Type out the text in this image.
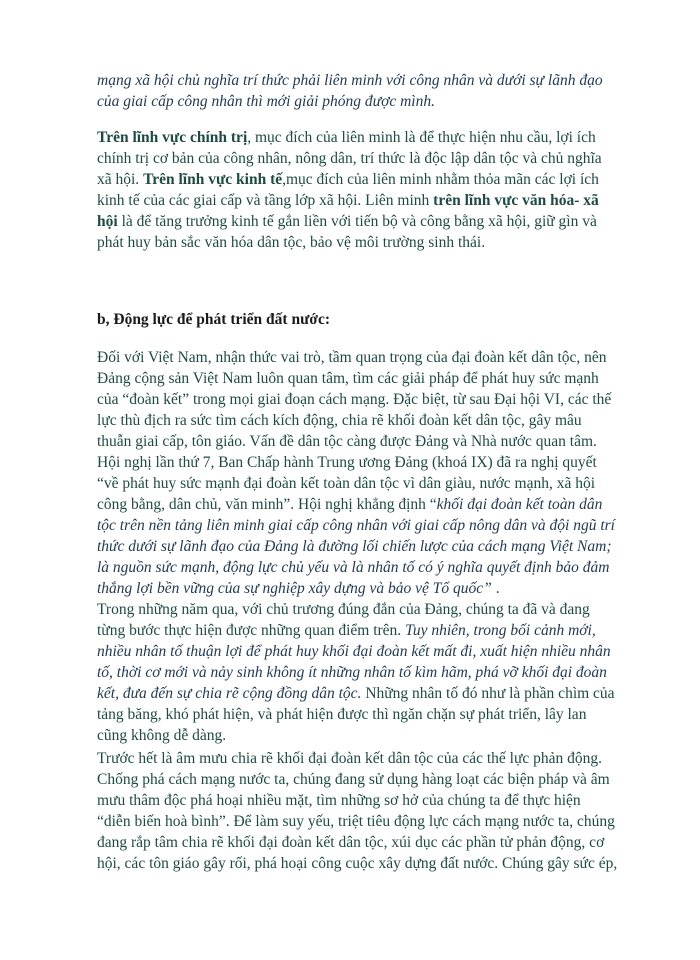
mạng xã hội chủ nghĩa trí thức phải liên minh với công nhân và dưới sự lãnh đạo
của giai cấp công nhân thì mới giải phóng được mình.
Trên lĩnh vực chính trị, mục đích của liên minh là để thực hiện nhu cầu, lợi ích
chính trị cơ bản của công nhân, nông dân, trí thức là độc lập dân tộc và chủ nghĩa
xã hội. Trên lĩnh vực kinh tế,mục đích của liên minh nhằm thỏa mãn các lợi ích
kinh tế của các giai cấp và tầng lớp xã hội. Liên minh trên lĩnh vực văn hóa- xã
hội là để tăng trưởng kinh tế gắn liền với tiến bộ và công bằng xã hội, giữ gìn và
phát huy bản sắc văn hóa dân tộc, bảo vệ môi trường sinh thái.
b, Động lực để phát triển đất nước:
Đối với Việt Nam, nhận thức vai trò, tầm quan trọng của đại đoàn kết dân tộc, nên
Đảng cộng sản Việt Nam luôn quan tâm, tìm các giải pháp để phát huy sức mạnh
của “đoàn kết” trong mọi giai đoạn cách mạng. Đặc biệt, từ sau Đại hội VI, các thế
lực thù địch ra sức tìm cách kích động, chia rẽ khối đoàn kết dân tộc, gây mâu
thuẫn giai cấp, tôn giáo. Vấn đề dân tộc càng được Đảng và Nhà nước quan tâm.
Hội nghị lần thứ 7, Ban Chấp hành Trung ương Đảng (khoá IX) đã ra nghị quyết
“về phát huy sức mạnh đại đoàn kết toàn dân tộc vì dân giàu, nước mạnh, xã hội
công bằng, dân chủ, văn minh”. Hội nghị khẳng định “khối đại đoàn kết toàn dân
tộc trên nền tảng liên minh giai cấp công nhân với giai cấp nông dân và đội ngũ trí
thức dưới sự lãnh đạo của Đảng là đường lối chiến lược của cách mạng Việt Nam;
là nguồn sức mạnh, động lực chủ yếu và là nhân tố có ý nghĩa quyết định bảo đảm
thắng lợi bền vững của sự nghiệp xây dựng và bảo vệ Tổ quốc” .
Trong những năm qua, với chủ trương đúng đắn của Đảng, chúng ta đã và đang
từng bước thực hiện được những quan điểm trên. Tuy nhiên, trong bối cảnh mới,
nhiều nhân tố thuận lợi để phát huy khối đại đoàn kết mất đi, xuất hiện nhiều nhân
tố, thời cơ mới và nảy sinh không ít những nhân tố kìm hãm, phá vỡ khối đại đoàn
kết, đưa đến sự chia rẽ cộng đồng dân tộc. Những nhân tố đó như là phần chìm của
tảng băng, khó phát hiện, và phát hiện được thì ngăn chặn sự phát triển, lây lan
cũng không dễ dàng.
Trước hết là âm mưu chia rẽ khối đại đoàn kết dân tộc của các thế lực phản động.
Chống phá cách mạng nước ta, chúng đang sử dụng hàng loạt các biện pháp và âm
mưu thâm độc phá hoại nhiều mặt, tìm những sơ hở của chúng ta để thực hiện
“diễn biến hoà bình”. Để làm suy yếu, triệt tiêu động lực cách mạng nước ta, chúng
đang rắp tâm chia rẽ khối đại đoàn kết dân tộc, xúi dục các phần tử phản động, cơ
hội, các tôn giáo gây rối, phá hoại công cuộc xây dựng đất nước. Chúng gây sức ép,
